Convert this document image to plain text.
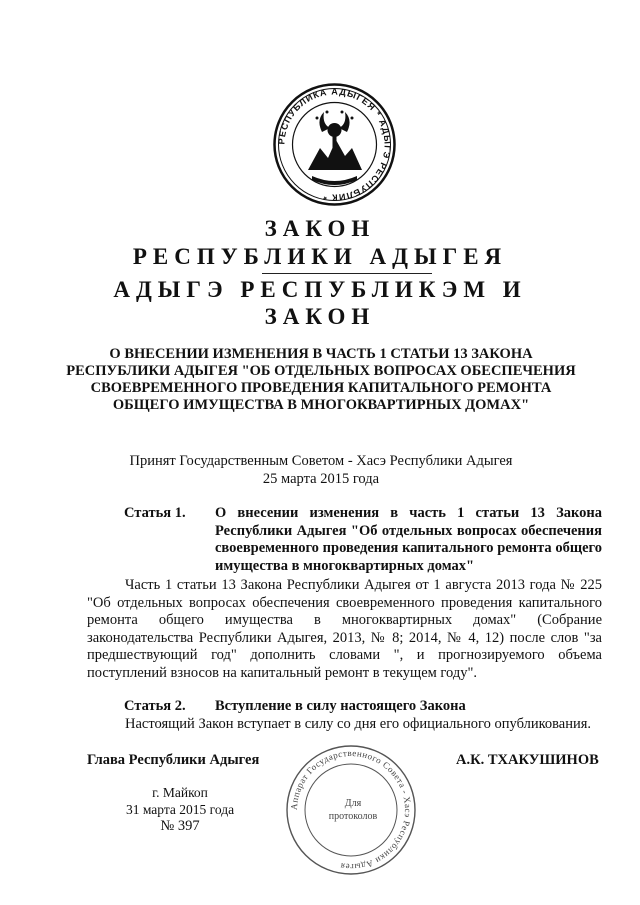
РЕСПУБЛИКА АДЫГЕЯ * АДЫГЭ РЕСПУБЛИК *
ЗАКОН
РЕСПУБЛИКИ АДЫГЕЯ
АДЫГЭ РЕСПУБЛИКЭМ И
ЗАКОН
О ВНЕСЕНИИ ИЗМЕНЕНИЯ В ЧАСТЬ 1 СТАТЬИ 13 ЗАКОНА РЕСПУБЛИКИ АДЫГЕЯ "ОБ ОТДЕЛЬНЫХ ВОПРОСАХ ОБЕСПЕЧЕНИЯ СВОЕВРЕМЕННОГО ПРОВЕДЕНИЯ КАПИТАЛЬНОГО РЕМОНТА ОБЩЕГО ИМУЩЕСТВА В МНОГОКВАРТИРНЫХ ДОМАХ"
Принят Государственным Советом - Хасэ Республики Адыгея
25 марта 2015 года
Статья 1. О внесении изменения в часть 1 статьи 13 Закона Республики Адыгея "Об отдельных вопросах обеспечения своевременного проведения капитального ремонта общего имущества в многоквартирных домах"
Часть 1 статьи 13 Закона Республики Адыгея от 1 августа 2013 года № 225 "Об отдельных вопросах обеспечения своевременного проведения капитального ремонта общего имущества в многоквартирных домах" (Собрание законодательства Республики Адыгея, 2013, № 8; 2014, № 4, 12) после слов "за предшествующий год" дополнить словами ", и прогнозируемого объема поступлений взносов на капитальный ремонт в текущем году".
Статья 2. Вступление в силу настоящего Закона
Настоящий Закон вступает в силу со дня его официального опубликования.
Глава Республики Адыгея	А.К. ТХАКУШИНОВ
г. Майкоп
31 марта 2015 года
№ 397
Аппарат Государственного Совета - Хасэ Республики Адыгея
Для
протоколов
